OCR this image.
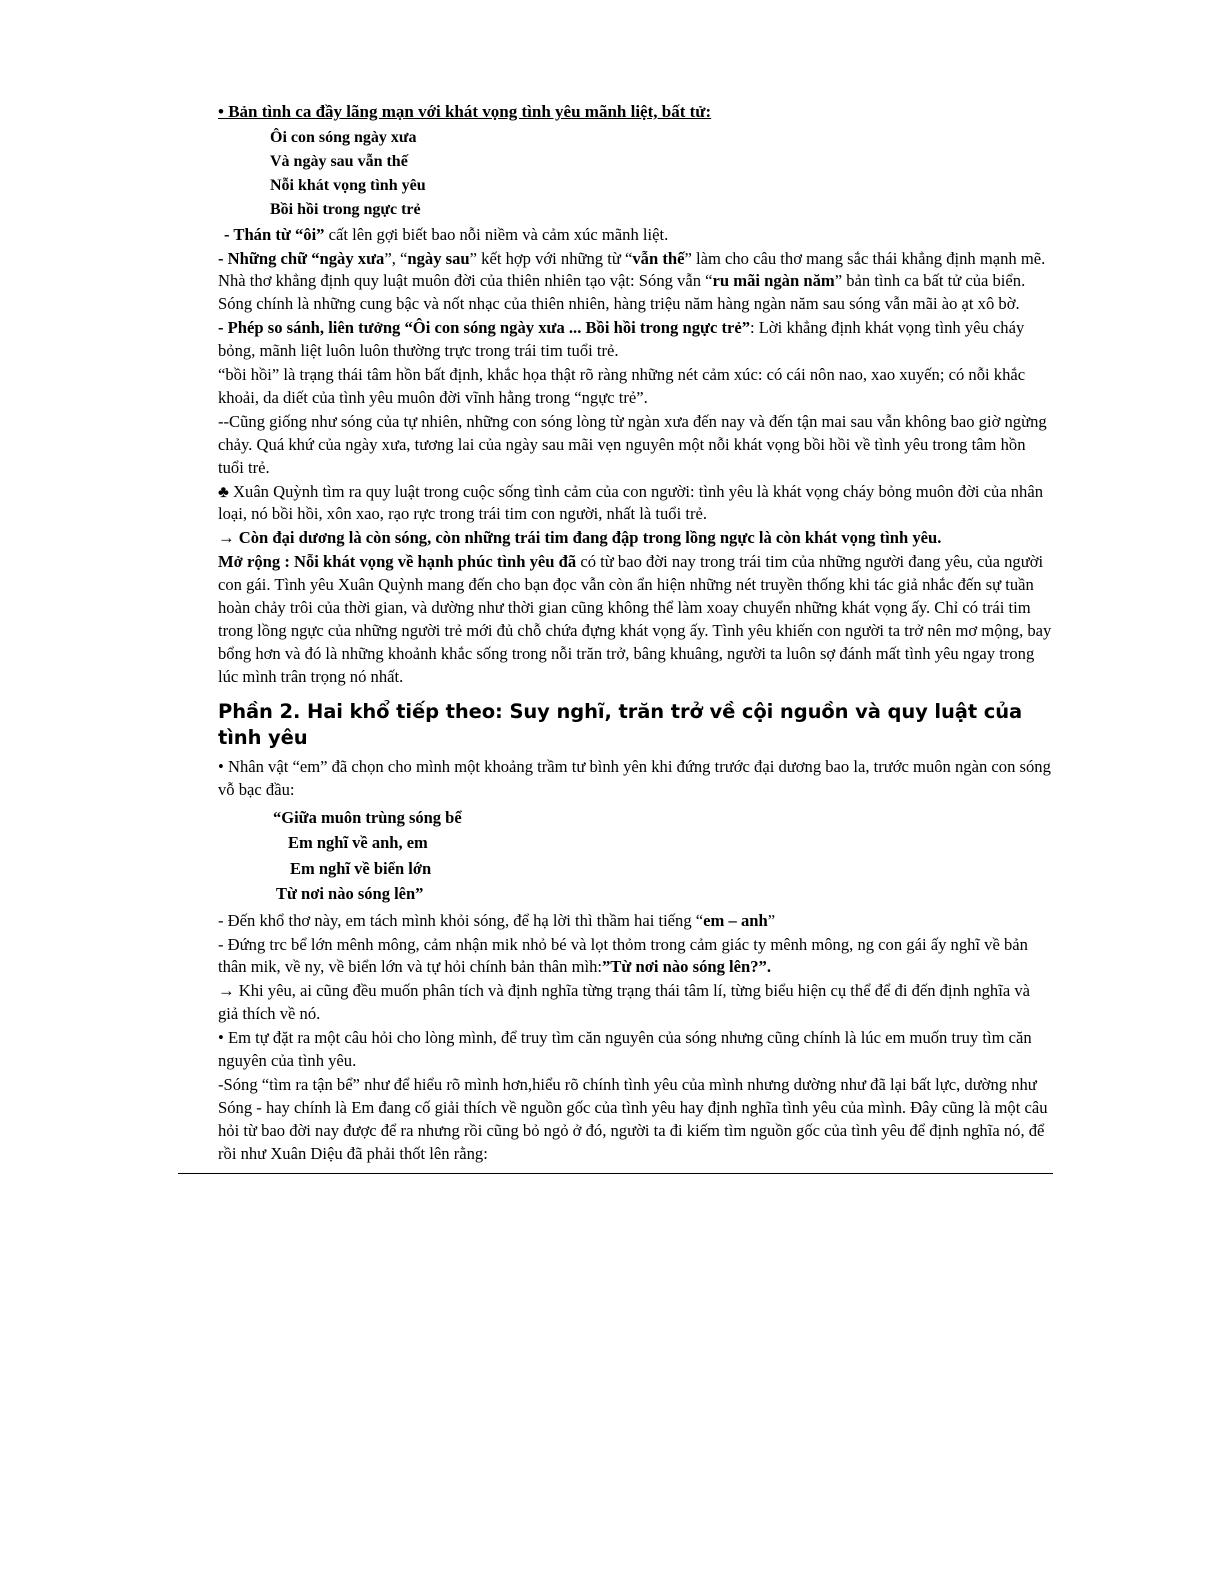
• Bản tình ca đầy lãng mạn với khát vọng tình yêu mãnh liệt, bất tử:

Ôi con sóng ngày xưa

Và ngày sau vẫn thế

Nỗi khát vọng tình yêu

Bồi hồi trong ngực trẻ

- Thán từ “ôi” cất lên gợi biết bao nỗi niềm và cảm xúc mãnh liệt.

- Những chữ “ngày xưa”, “ngày sau” kết hợp với những từ “vẫn thế” làm cho câu thơ mang sắc thái khẳng định mạnh mẽ. Nhà thơ khẳng định quy luật muôn đời của thiên nhiên tạo vật: Sóng vẫn “ru mãi ngàn năm” bản tình ca bất tử của biển. Sóng chính là những cung bậc và nốt nhạc của thiên nhiên, hàng triệu năm hàng ngàn năm sau sóng vẫn mãi ào ạt xô bờ.

- Phép so sánh, liên tưởng “Ôi con sóng ngày xưa ... Bồi hồi trong ngực trẻ”: Lời khẳng định khát vọng tình yêu cháy bỏng, mãnh liệt luôn luôn thường trực trong trái tim tuổi trẻ.

“bồi hồi” là trạng thái tâm hồn bất định, khắc họa thật rõ ràng những nét cảm xúc: có cái nôn nao, xao xuyến; có nỗi khắc khoải, da diết của tình yêu muôn đời vĩnh hằng trong “ngực trẻ”.

--Cũng giống như sóng của tự nhiên, những con sóng lòng từ ngàn xưa đến nay và đến tận mai sau vẫn không bao giờ ngừng chảy. Quá khứ của ngày xưa, tương lai của ngày sau mãi vẹn nguyên một nỗi khát vọng bồi hồi về tình yêu trong tâm hồn tuổi trẻ.

♣ Xuân Quỳnh tìm ra quy luật trong cuộc sống tình cảm của con người: tình yêu là khát vọng cháy bỏng muôn đời của nhân loại, nó bồi hồi, xôn xao, rạo rực trong trái tim con người, nhất là tuổi trẻ.

→ Còn đại dương là còn sóng, còn những trái tim đang đập trong lồng ngực là còn khát vọng tình yêu.

Mở rộng : Nỗi khát vọng về hạnh phúc tình yêu đã có từ bao đời nay trong trái tim của những người đang yêu, của người con gái. Tình yêu Xuân Quỳnh mang đến cho bạn đọc vẫn còn ẩn hiện những nét truyền thống khi tác giả nhắc đến sự tuần hoàn chảy trôi của thời gian, và dường như thời gian cũng không thể làm xoay chuyển những khát vọng ấy. Chỉ có trái tim trong lồng ngực của những người trẻ mới đủ chỗ chứa đựng khát vọng ấy. Tình yêu khiến con người ta trở nên mơ mộng, bay bổng hơn và đó là những khoảnh khắc sống trong nỗi trăn trở, bâng khuâng, người ta luôn sợ đánh mất tình yêu ngay trong lúc mình trân trọng nó nhất.

Phần 2. Hai khổ tiếp theo: Suy nghĩ, trăn trở về cội nguồn và quy luật của tình yêu

• Nhân vật “em” đã chọn cho mình một khoảng trầm tư bình yên khi đứng trước đại dương bao la, trước muôn ngàn con sóng vỗ bạc đầu:

“Giữa muôn trùng sóng bể

Em nghĩ về anh, em

Em nghĩ về biển lớn

Từ nơi nào sóng lên”

- Đến khổ thơ này, em tách mình khỏi sóng, để hạ lời thì thầm hai tiếng “em – anh”

- Đứng trc bể lớn mênh mông, cảm nhận mik nhỏ bé và lọt thỏm trong cảm giác ty mênh mông, ng con gái ấy nghĩ về bản thân mik, về ny, về biển lớn và tự hỏi chính bản thân mìh:”Từ nơi nào sóng lên?”.

→ Khi yêu, ai cũng đều muốn phân tích và định nghĩa từng trạng thái tâm lí, từng biểu hiện cụ thể để đi đến định nghĩa và giả thích về nó.

• Em tự đặt ra một câu hỏi cho lòng mình, để truy tìm căn nguyên của sóng nhưng cũng chính là lúc em muốn truy tìm căn nguyên của tình yêu.

-Sóng “tìm ra tận bể” như để hiểu rõ mình hơn,hiểu rõ chính tình yêu của mình nhưng dường như đã lại bất lực, dường như Sóng - hay chính là Em đang cố giải thích về nguồn gốc của tình yêu hay định nghĩa tình yêu của mình. Đây cũng là một câu hỏi từ bao đời nay được để ra nhưng rồi cũng bỏ ngỏ ở đó, người ta đi kiếm tìm nguồn gốc của tình yêu để định nghĩa nó, để rồi như Xuân Diệu đã phải thốt lên rằng:
